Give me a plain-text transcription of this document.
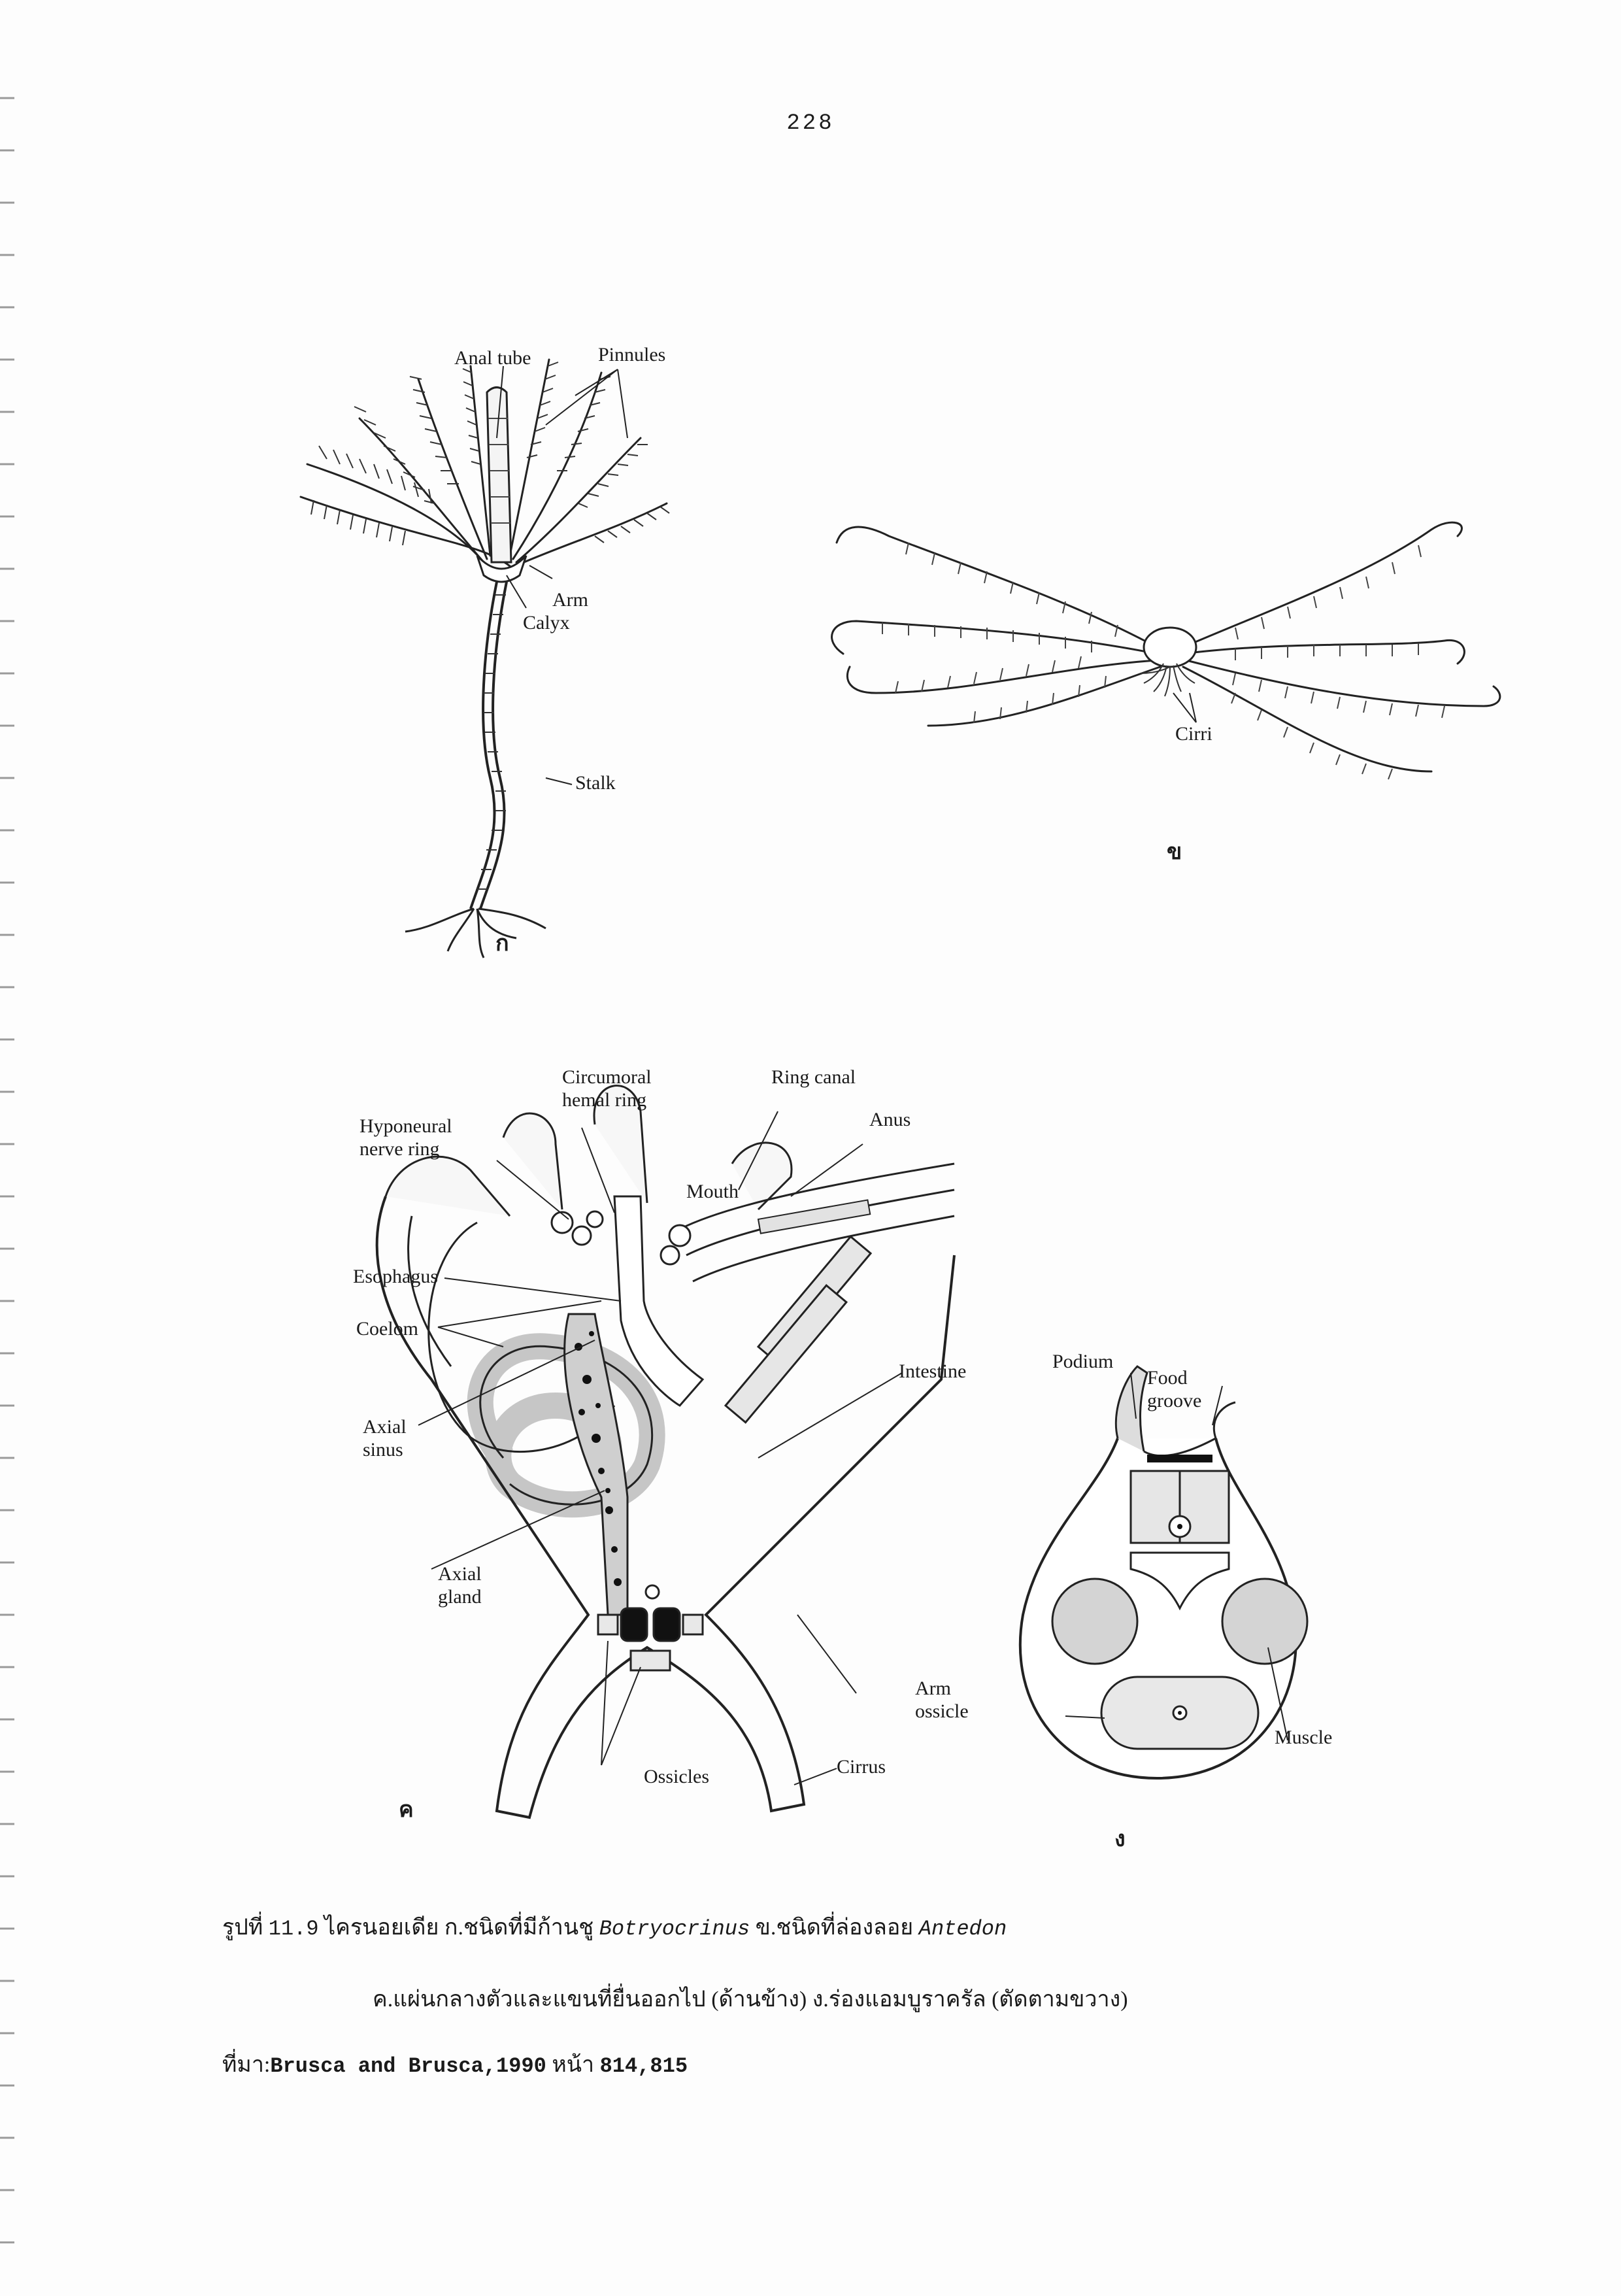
228
Anal tube	Pinnules
Arm
Calyx
Stalk
ก
Cirri
ข
Circumoral
hemal ring
Ring canal
Anus
Hyponeural
nerve ring
Mouth
Esophagus
Coelom
Intestine
Axial
sinus
Axial
gland
Arm
ossicle
Ossicles	Cirrus
ค
Podium
Food
groove
Muscle
ง
รูปที่ 11.9 ไครนอยเดีย ก.ชนิดที่มีก้านชู Botryocrinus ข.ชนิดที่ล่องลอย Antedon
ค.แผ่นกลางตัวและแขนที่ยื่นออกไป (ด้านข้าง) ง.ร่องแอมบูราครัล (ตัดตามขวาง)
ที่มา:Brusca and Brusca,1990 หน้า 814,815
